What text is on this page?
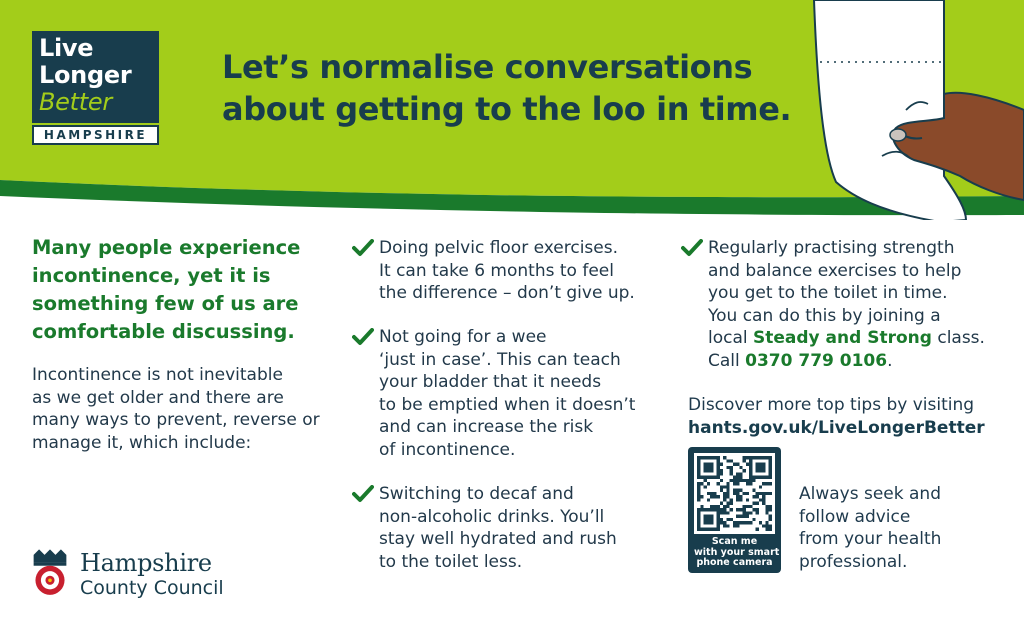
Live
Longer
Better
HAMPSHIRE
Let’s normalise conversations
about getting to the loo in time.
Many people experience
incontinence, yet it is
something few of us are
comfortable discussing.
Incontinence is not inevitable
as we get older and there are
many ways to prevent, reverse or
manage it, which include:
Doing pelvic floor exercises.
It can take 6 months to feel
the difference – don’t give up.
Not going for a wee
‘just in case’. This can teach
your bladder that it needs
to be emptied when it doesn’t
and can increase the risk
of incontinence.
Switching to decaf and
non-alcoholic drinks. You’ll
stay well hydrated and rush
to the toilet less.
Regularly practising strength
and balance exercises to help
you get to the toilet in time.
You can do this by joining a
local Steady and Strong class.
Call 0370 779 0106.
Discover more top tips by visiting
hants.gov.uk/LiveLongerBetter
Scan me
with your smart
phone camera
Always seek and
follow advice
from your health
professional.
Hampshire
County Council
